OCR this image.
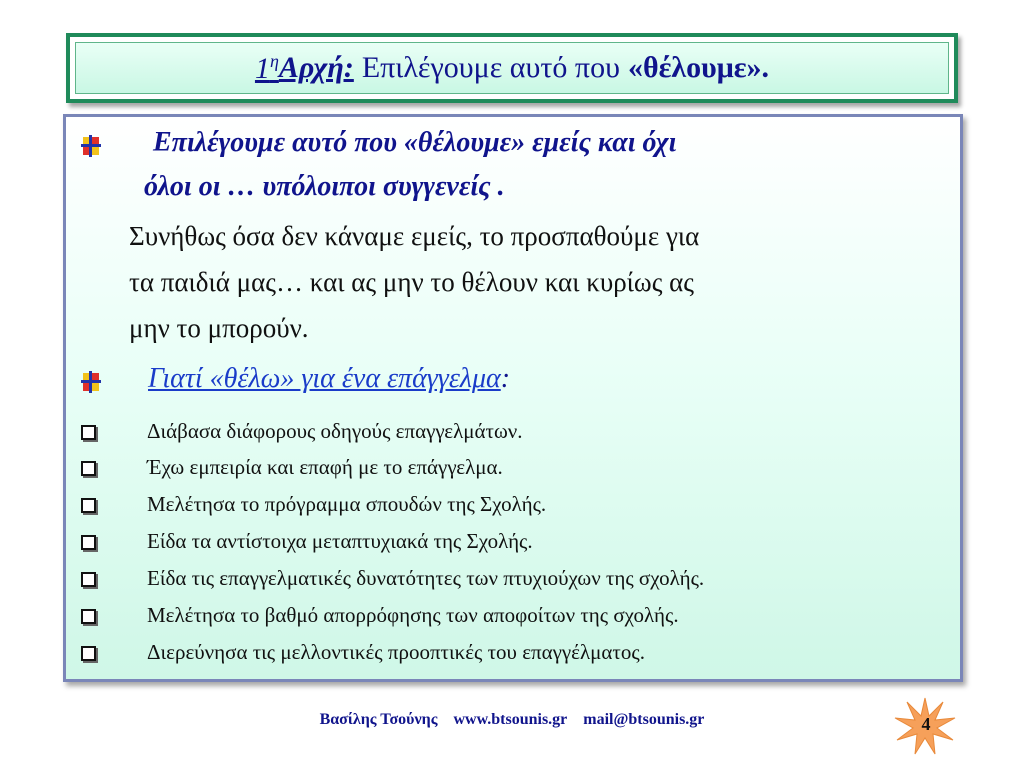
$1^\eta$ Αρχή: Επιλέγουμε αυτό που «θέλουμε».
Επιλέγουμε αυτό που «θέλουμε» εμείς και όχι
όλοι οι … υπόλοιποι συγγενείς .
Συνήθως όσα δεν κάναμε εμείς, το προσπαθούμε για
τα παιδιά μας… και ας μην το θέλουν και κυρίως ας
μην το μπορούν.
Γιατί «θέλω» για ένα επάγγελμα:
Διάβασα διάφορους οδηγούς επαγγελμάτων.
Έχω εμπειρία και επαφή με το επάγγελμα.
Μελέτησα το πρόγραμμα σπουδών της Σχολής.
Είδα τα αντίστοιχα μεταπτυχιακά της Σχολής.
Είδα τις επαγγελματικές δυνατότητες των πτυχιούχων της σχολής.
Μελέτησα το βαθμό απορρόφησης των αποφοίτων της σχολής.
Διερεύνησα τις μελλοντικές προοπτικές του επαγγέλματος.
Βασίλης Τσούνης www.btsounis.gr mail@btsounis.gr	4
